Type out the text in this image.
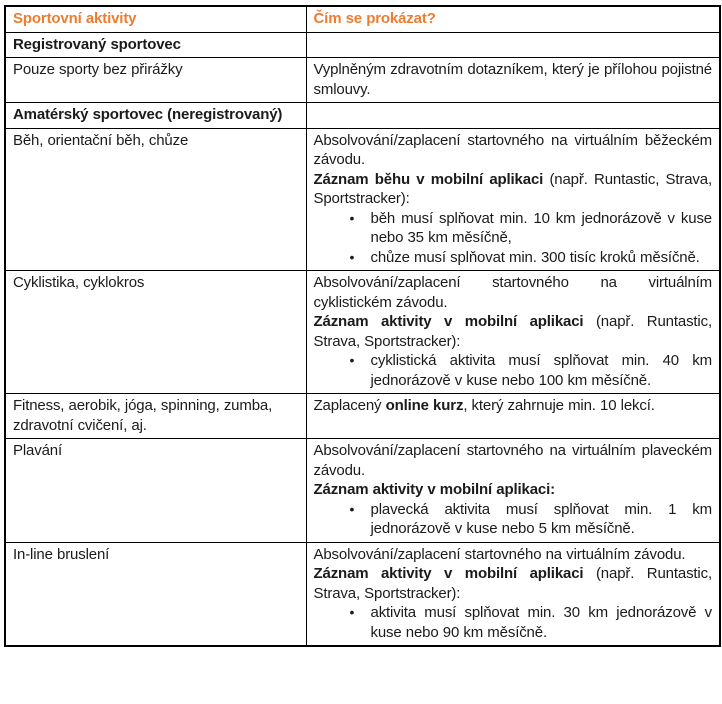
Sportovní aktivity	Čím se prokázat?
Registrovaný sportovec	
Pouze sporty bez přirážky	Vyplněným zdravotním dotazníkem, který je přílohou pojistné smlouvy.

Amatérský sportovec (neregistrovaný)	
Běh, orientační běh, chůze	Absolvování/zaplacení startovného na virtuálním běžeckém závodu.
Záznam běhu v mobilní aplikaci (např. Runtastic, Strava, Sportstracker):
• běh musí splňovat min. 10 km jednorázově v kuse nebo 35 km měsíčně,
• chůze musí splňovat min. 300 tisíc kroků měsíčně.

Cyklistika, cyklokros	Absolvování/zaplacení startovného na virtuálním cyklistickém závodu.
Záznam aktivity v mobilní aplikaci (např. Runtastic, Strava, Sportstracker):
• cyklistická aktivita musí splňovat min. 40 km jednorázově v kuse nebo 100 km měsíčně.

Fitness, aerobik, jóga, spinning, zumba, zdravotní cvičení, aj.	Zaplacený online kurz, který zahrnuje min. 10 lekcí.

Plavání	Absolvování/zaplacení startovného na virtuálním plaveckém závodu.
Záznam aktivity v mobilní aplikaci:
• plavecká aktivita musí splňovat min. 1 km jednorázově v kuse nebo 5 km měsíčně.

In-line bruslení	Absolvování/zaplacení startovného na virtuálním závodu.
Záznam aktivity v mobilní aplikaci (např. Runtastic, Strava, Sportstracker):
• aktivita musí splňovat min. 30 km jednorázově v kuse nebo 90 km měsíčně.
